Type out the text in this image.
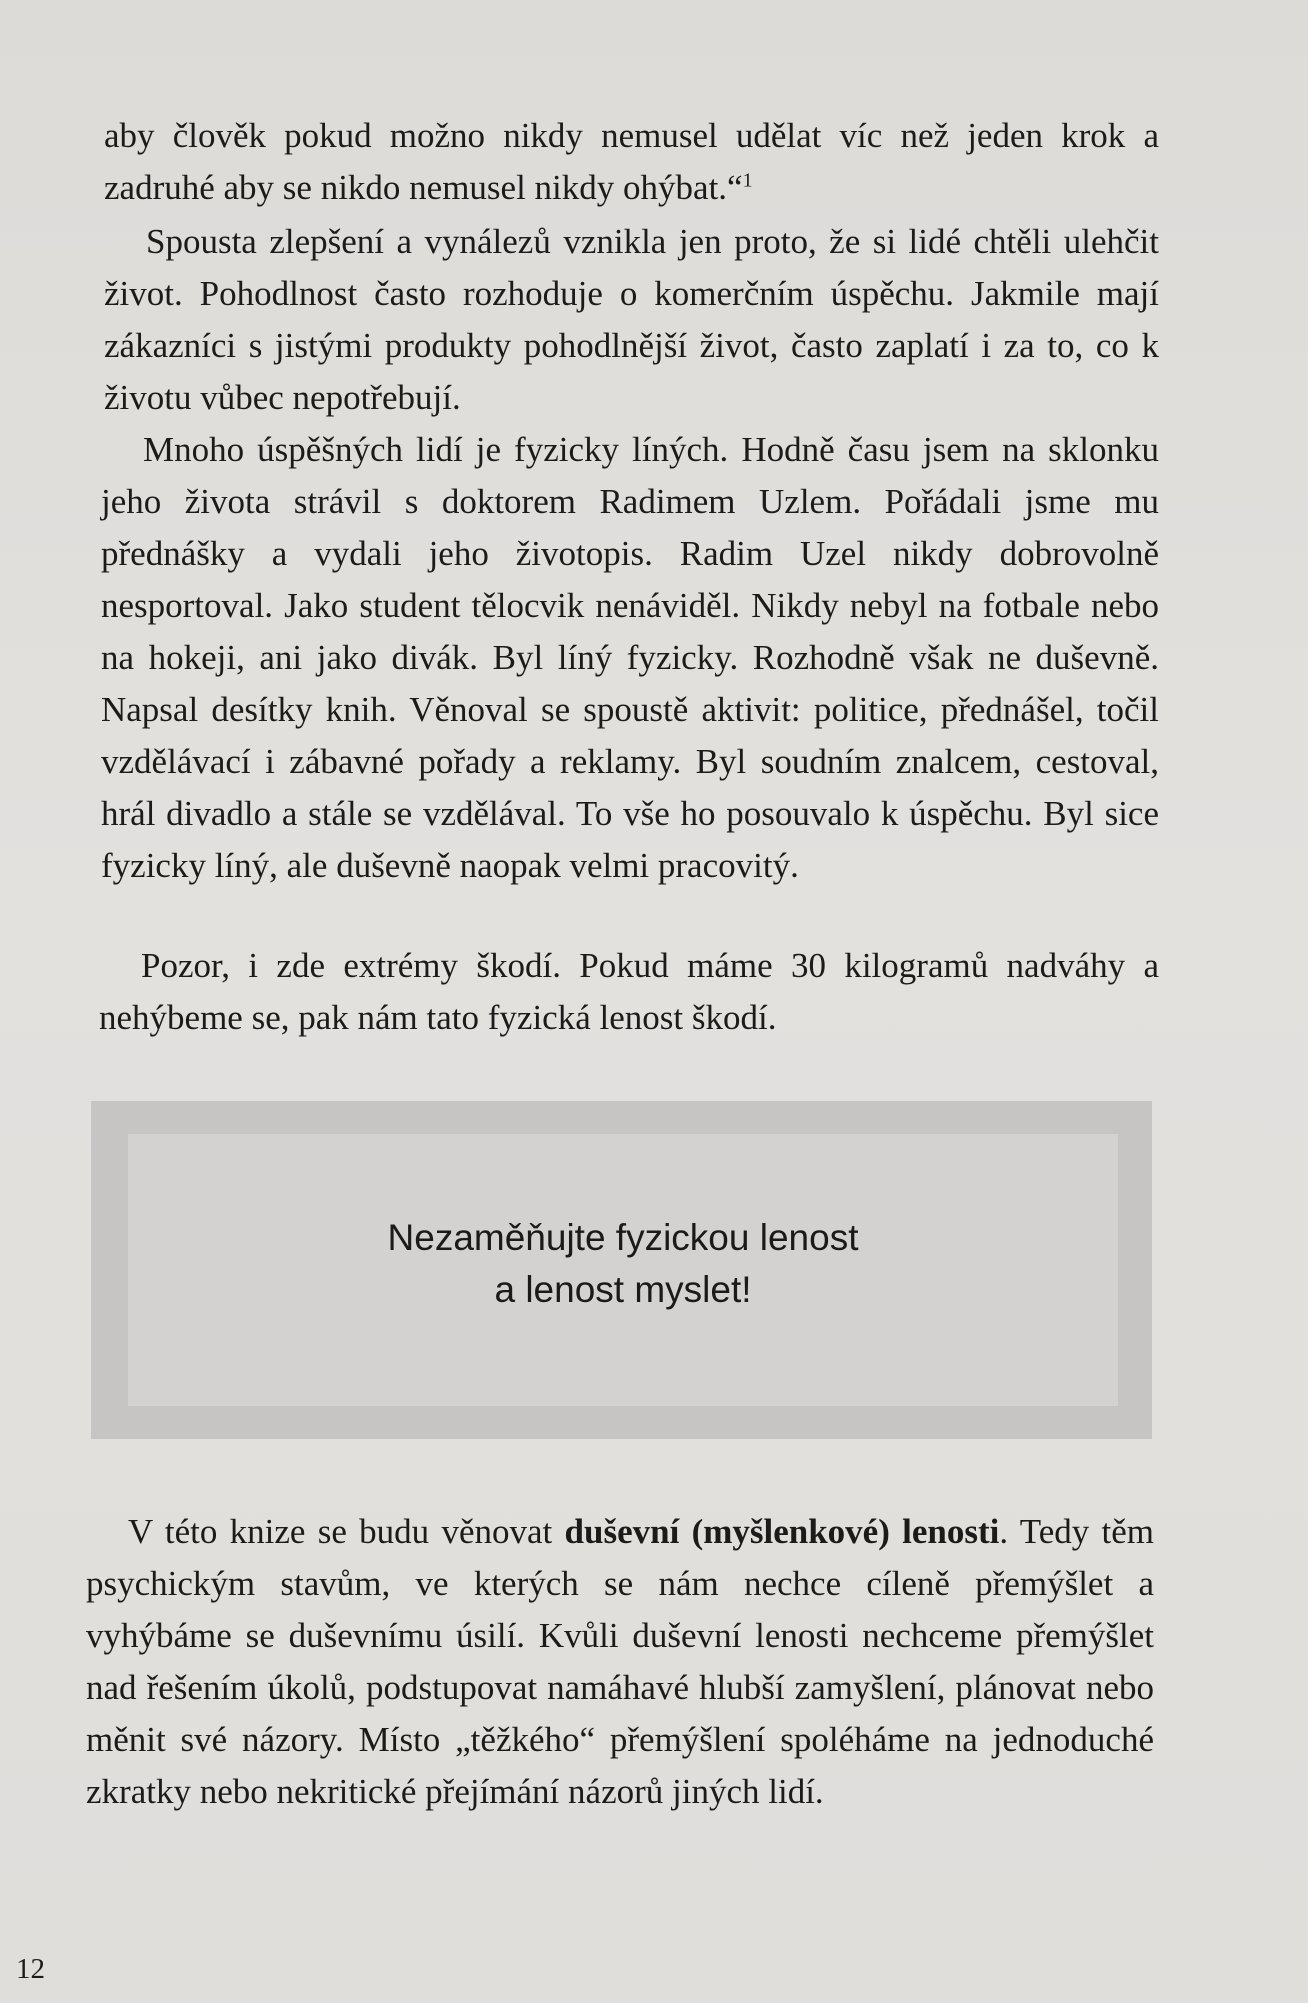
aby člověk pokud možno nikdy nemusel udělat víc než jeden krok a zadruhé aby se nikdo nemusel nikdy ohýbat.“$^1$

Spousta zlepšení a vynálezů vznikla jen proto, že si lidé chtěli ulehčit život. Pohodlnost často rozhoduje o komerčním úspěchu. Jakmile mají zákazníci s jistými produkty pohodlnější život, často zaplatí i za to, co k životu vůbec nepotřebují.

Mnoho úspěšných lidí je fyzicky líných. Hodně času jsem na sklonku jeho života strávil s doktorem Radimem Uzlem. Pořádali jsme mu přednášky a vydali jeho životopis. Radim Uzel nikdy dobrovolně nesportoval. Jako student tělocvik nenáviděl. Nikdy nebyl na fotbale nebo na hokeji, ani jako divák. Byl líný fyzicky. Rozhodně však ne duševně. Napsal desítky knih. Věnoval se spoustě aktivit: politice, přednášel, točil vzdělávací i zábavné pořady a reklamy. Byl soudním znalcem, cestoval, hrál divadlo a stále se vzdělával. To vše ho posouvalo k úspěchu. Byl sice fyzicky líný, ale duševně naopak velmi pracovitý.

Pozor, i zde extrémy škodí. Pokud máme 30 kilogramů nadváhy a nehýbeme se, pak nám tato fyzická lenost škodí.

Nezaměňujte fyzickou lenost
a lenost myslet!

V této knize se budu věnovat duševní (myšlenkové) lenosti. Tedy těm psychickým stavům, ve kterých se nám nechce cíleně přemýšlet a vyhýbáme se duševnímu úsilí. Kvůli duševní lenosti nechceme přemýšlet nad řešením úkolů, podstupovat namáhavé hlubší zamyšlení, plánovat nebo měnit své názory. Místo „těžkého“ přemýšlení spoléháme na jednoduché zkratky nebo nekritické přejímání názorů jiných lidí.

12
